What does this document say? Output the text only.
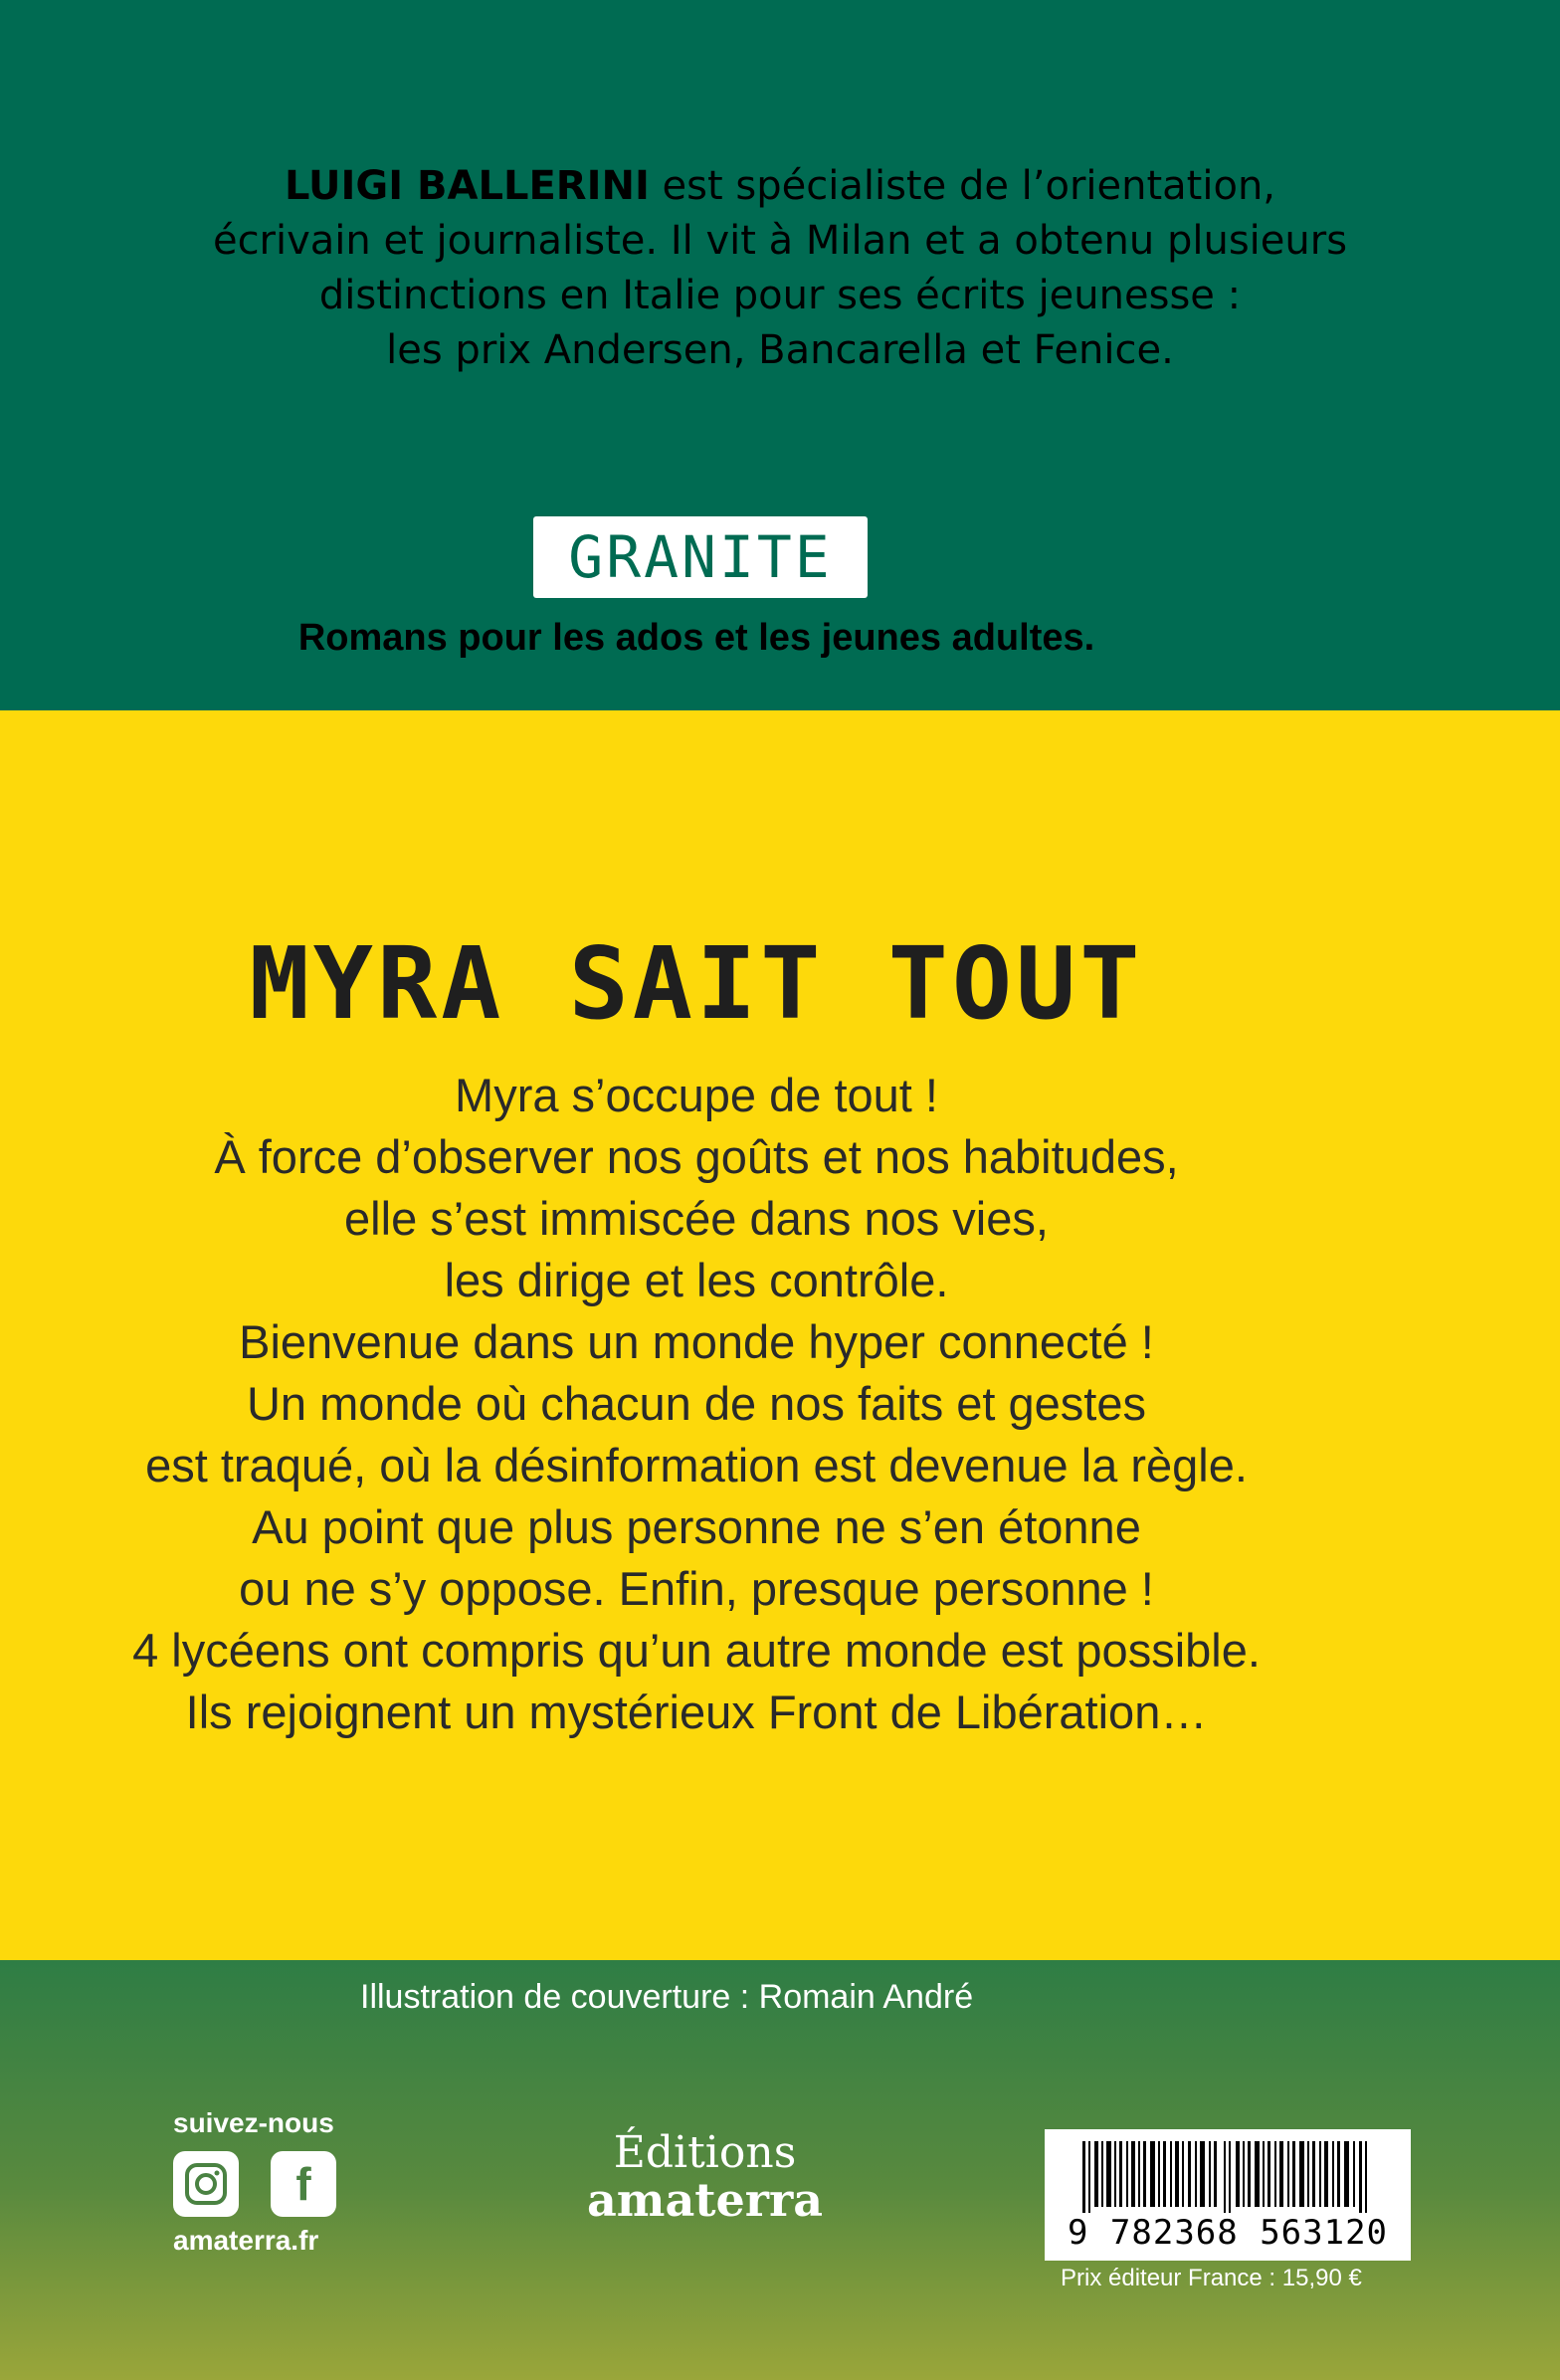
LUIGI BALLERINI est spécialiste de l’orientation,
écrivain et journaliste. Il vit à Milan et a obtenu plusieurs
distinctions en Italie pour ses écrits jeunesse :
les prix Andersen, Bancarella et Fenice.
GRANITE
Romans pour les ados et les jeunes adultes.
MYRA SAIT TOUT
Myra s’occupe de tout !
À force d’observer nos goûts et nos habitudes,
elle s’est immiscée dans nos vies,
les dirige et les contrôle.
Bienvenue dans un monde hyper connecté !
Un monde où chacun de nos faits et gestes
est traqué, où la désinformation est devenue la règle.
Au point que plus personne ne s’en étonne
ou ne s’y oppose. Enfin, presque personne !
4 lycéens ont compris qu’un autre monde est possible.
Ils rejoignent un mystérieux Front de Libération…
Illustration de couverture : Romain André
suivez-nous
f
amaterra.fr
Éditions
amaterra
9 782368 563120
Prix éditeur France : 15,90 €
